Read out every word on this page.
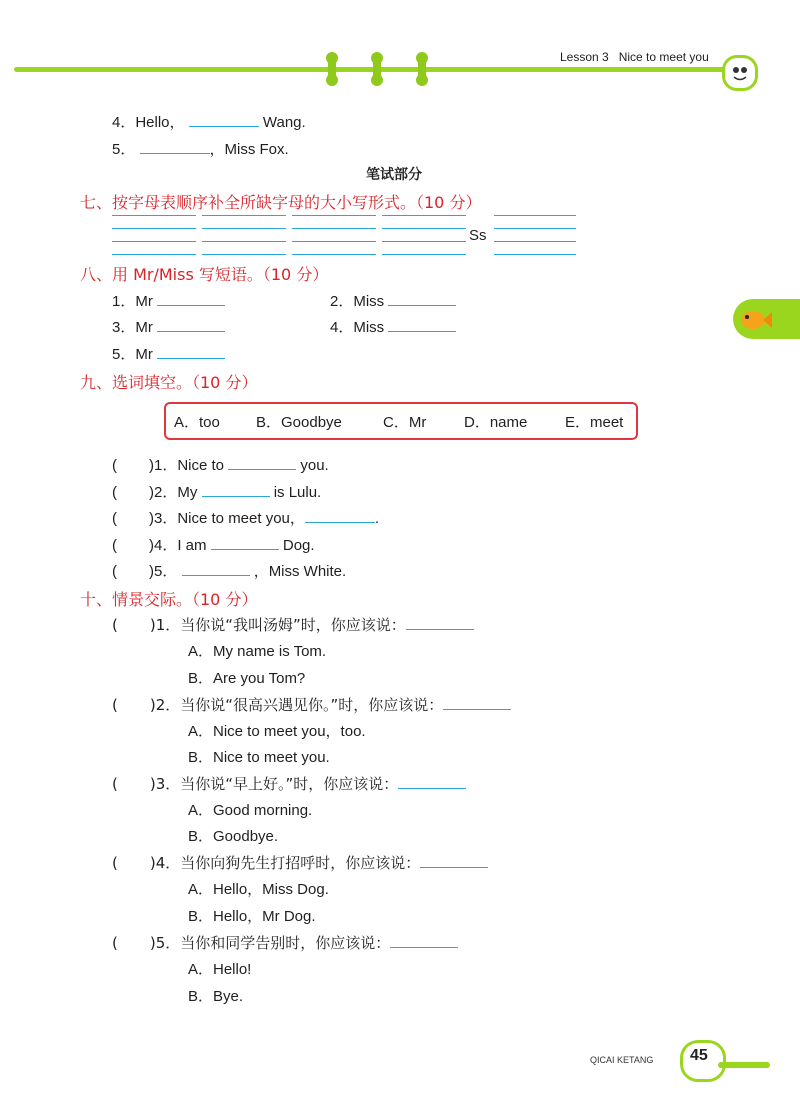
Lesson 3 Nice to meet you
4．Hello，	Wang.
5．	，Miss Fox.
笔试部分
七、按字母表顺序补全所缺字母的大小写形式。（10 分）
Ss
八、用 Mr/Miss 写短语。（10 分）
1．Mr	2．Miss
3．Mr	4．Miss
5．Mr
九、选词填空。（10 分）
A．too B．Goodbye	C．Mr	D．name	E．meet
( )1．Nice to	you.
( )2．My	is Lulu.
( )3．Nice to meet you，	.
( )4．I am	Dog.
( )5．	，Miss White.
十、情景交际。（10 分）
( )1．当你说“我叫汤姆”时，你应该说：
A．My name is Tom.
B．Are you Tom?
( )2．当你说“很高兴遇见你。”时，你应该说：
A．Nice to meet you，too.
B．Nice to meet you.
( )3．当你说“早上好。”时，你应该说：
A．Good morning.
B．Goodbye.
( )4．当你向狗先生打招呼时，你应该说：
A．Hello，Miss Dog.
B．Hello，Mr Dog.
( )5．当你和同学告别时，你应该说：
A．Hello!
B．Bye.
QICAI KETANG 45
